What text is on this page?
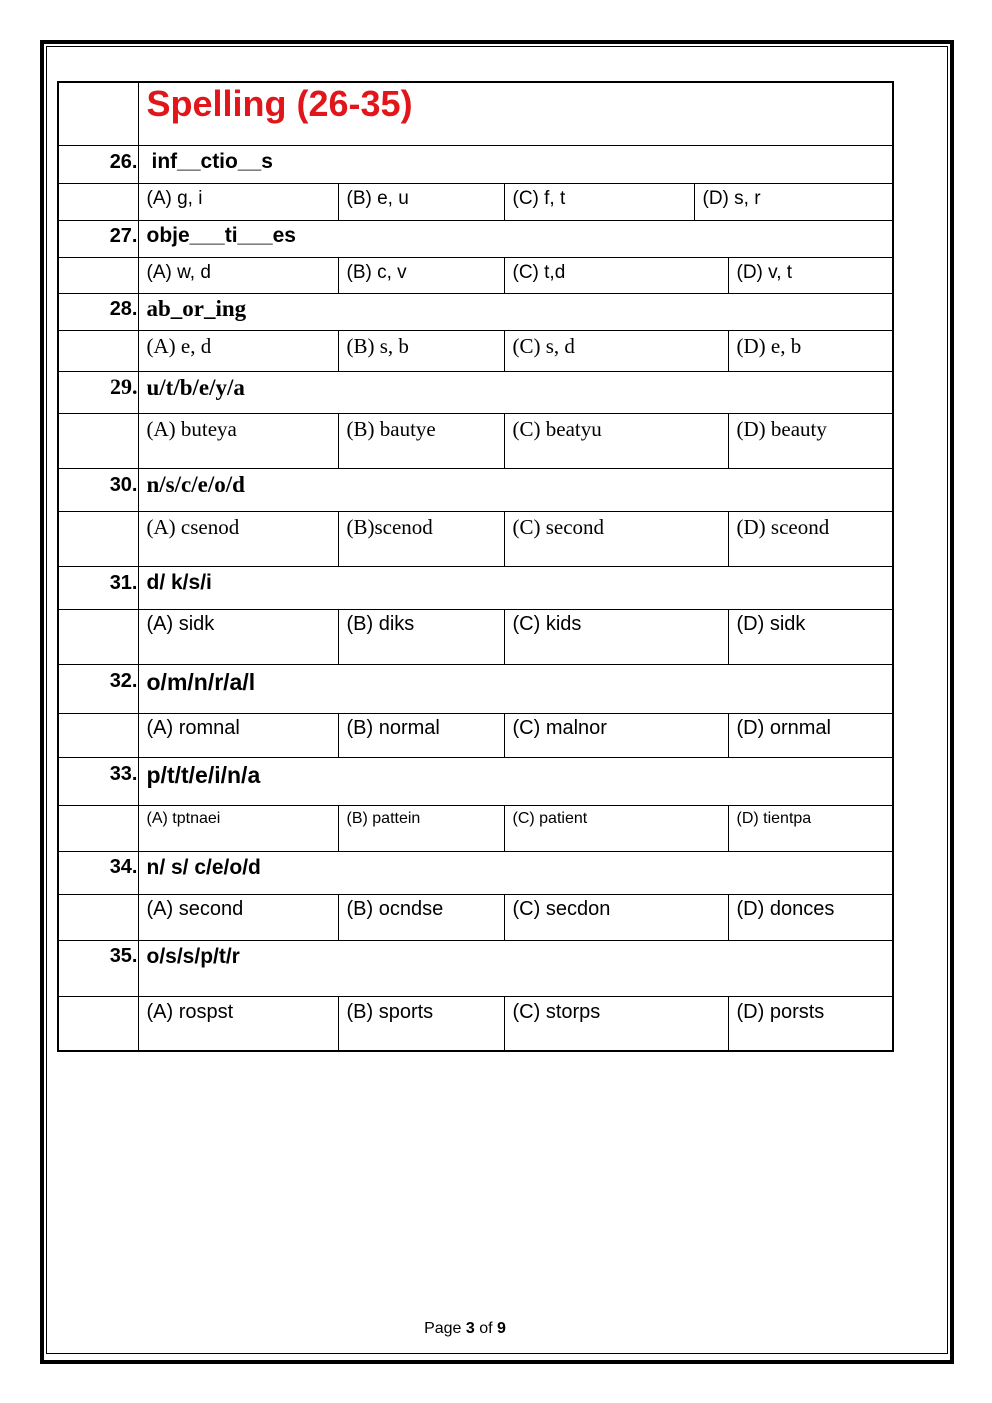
	Spelling (26-35)				
26.	inf__ctio__s				
	(A) g, i	(B) e, u	(C) f, t	(D) s, r	
27.	obje___ti___es				
	(A) w, d	(B) c, v	(C) t,d		(D) v, t
28.	ab_or_ing				
	(A) e, d	(B) s, b	(C) s, d		(D) e, b
29.	u/t/b/e/y/a				
	(A) buteya	(B) bautye	(C) beatyu		(D) beauty
30.	n/s/c/e/o/d				
	(A) csenod	(B)scenod	(C) second		(D) sceond
31.	d/ k/s/i				
	(A) sidk	(B) diks	(C) kids		(D) sidk
32.	o/m/n/r/a/l				
	(A) romnal	(B) normal	(C) malnor		(D) ornmal
33.	p/t/t/e/i/n/a				
	(A) tptnaei	(B) pattein	(C) patient		(D) tientpa
34.	n/ s/ c/e/o/d				
	(A) second	(B) ocndse	(C) secdon		(D) donces
35.	o/s/s/p/t/r				
	(A) rospst	(B) sports	(C) storps		(D) porsts
Page 3 of 9
